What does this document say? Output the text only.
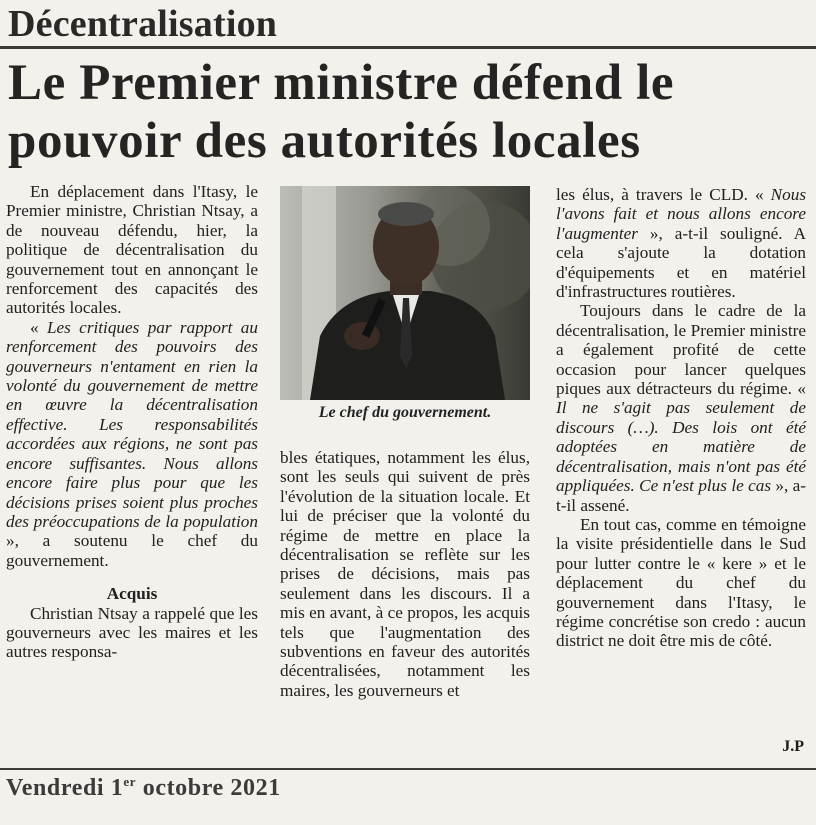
Décentralisation
Le Premier ministre défend le pouvoir des autorités locales

En déplacement dans l'Itasy, le Premier ministre, Christian Ntsay, a de nouveau défendu, hier, la politique de décentralisation du gouvernement tout en annonçant le renforcement des capacités des autorités locales.

« Les critiques par rapport au renforcement des pouvoirs des gouverneurs n'entament en rien la volonté du gouvernement de mettre en œuvre la décentralisation effective. Les responsabilités accordées aux régions, ne sont pas encore suffisantes. Nous allons encore faire plus pour que les décisions prises soient plus proches des préoccupations de la population », a soutenu le chef du gouvernement.

Acquis

Christian Ntsay a rappelé que les gouverneurs avec les maires et les autres responsa-

Le chef du gouvernement.

bles étatiques, notamment les élus, sont les seuls qui suivent de près l'évolution de la situation locale. Et lui de préciser que la volonté du régime de mettre en place la décentralisation se reflète sur les prises de décisions, mais pas seulement dans les discours. Il a mis en avant, à ce propos, les acquis tels que l'augmentation des subventions en faveur des autorités décentralisées, notamment les maires, les gouverneurs et

les élus, à travers le CLD. « Nous l'avons fait et nous allons encore l'augmenter », a-t-il souligné. A cela s'ajoute la dotation d'équipements et en matériel d'infrastructures routières.

Toujours dans le cadre de la décentralisation, le Premier ministre a également profité de cette occasion pour lancer quelques piques aux détracteurs du régime. « Il ne s'agit pas seulement de discours (…). Des lois ont été adoptées en matière de décentralisation, mais n'ont pas été appliquées. Ce n'est plus le cas », a-t-il assené.

En tout cas, comme en témoigne la visite présidentielle dans le Sud pour lutter contre le « kere » et le déplacement du chef du gouvernement dans l'Itasy, le régime concrétise son credo : aucun district ne doit être mis de côté.

J.P
Vendredi 1er octobre 2021
